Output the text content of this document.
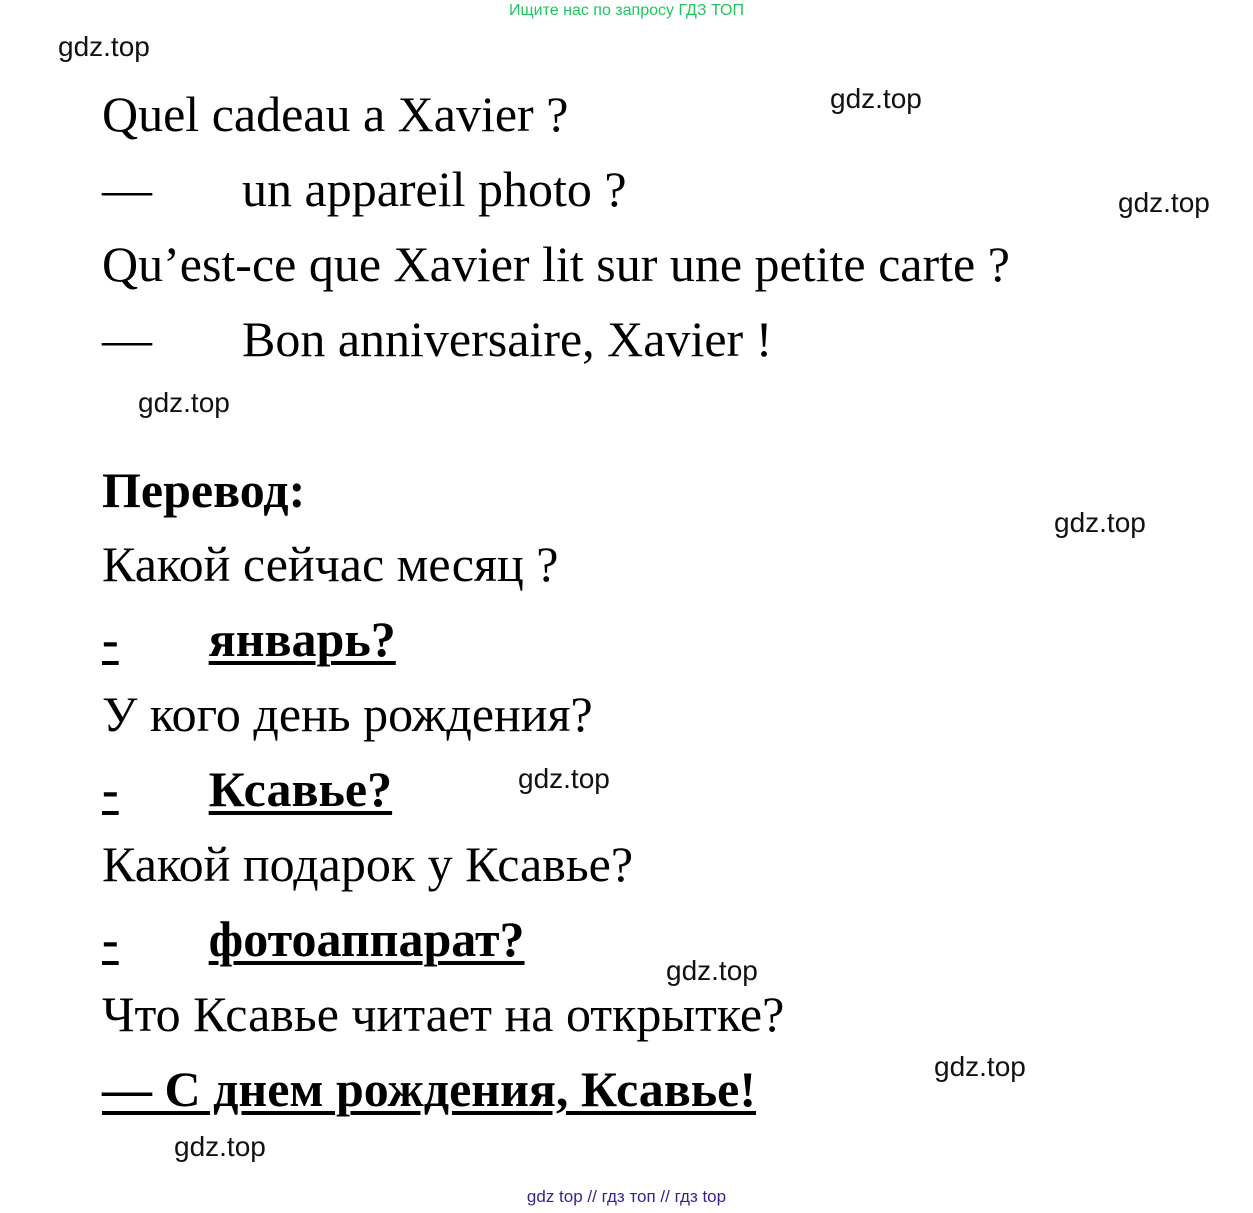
Ищите нас по запросу ГДЗ ТОП
gdz.top
gdz.top
gdz.top
gdz.top
gdz.top
gdz.top
gdz.top
gdz.top
gdz.top
Quel cadeau a Xavier ?
— un appareil photo ?
Qu’est-ce que Xavier lit sur une petite carte ?
— Bon anniversaire, Xavier !
Перевод:
Какой сейчас месяц ?
- январь?
У кого день рождения?
- Ксавье?
Какой подарок у Ксавье?
- фотоаппарат?
Что Ксавье читает на открытке?
— С днем рождения, Ксавье!
gdz top // гдз топ // гдз top
